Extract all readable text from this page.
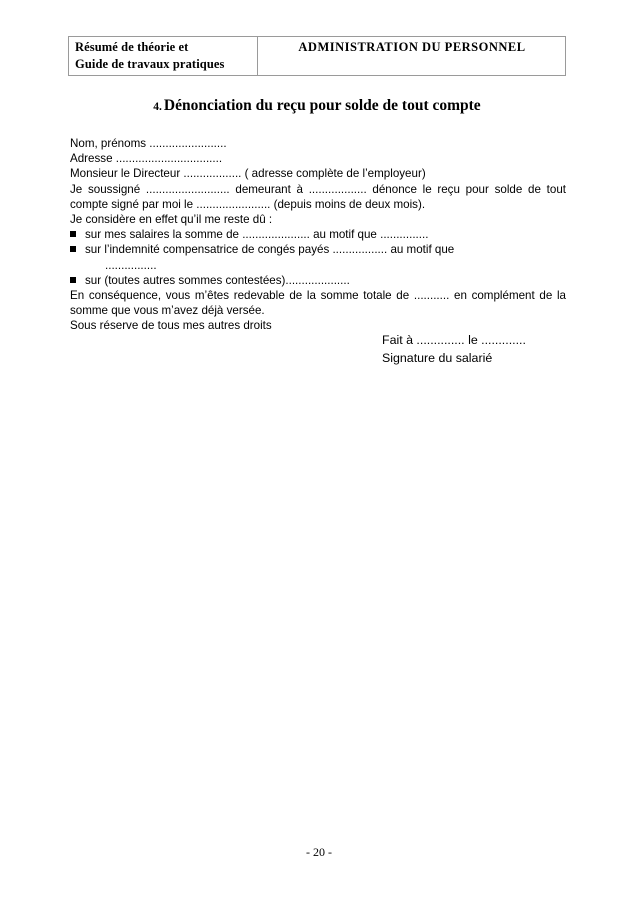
Résumé de théorie et
Guide de travaux pratiques
	ADMINISTRATION DU PERSONNEL
4. Dénonciation du reçu pour solde de tout compte
Nom, prénoms ........................
Adresse .................................
Monsieur le Directeur .................. ( adresse complète de l’employeur)
Je soussigné .......................... demeurant à .................. dénonce le reçu pour solde de tout compte signé par moi le ....................... (depuis moins de deux mois).
Je considère en effet qu’il me reste dû :
sur mes salaires la somme de ..................... au motif que ...............
sur l’indemnité compensatrice de congés payés ................. au motif que
................
sur (toutes autres sommes contestées)....................
En conséquence, vous m’êtes redevable de la somme totale de ........... en complément de la somme que vous m’avez déjà versée.
Sous réserve de tous mes autres droits
Fait à .............. le .............
Signature du salarié
- 20 -
